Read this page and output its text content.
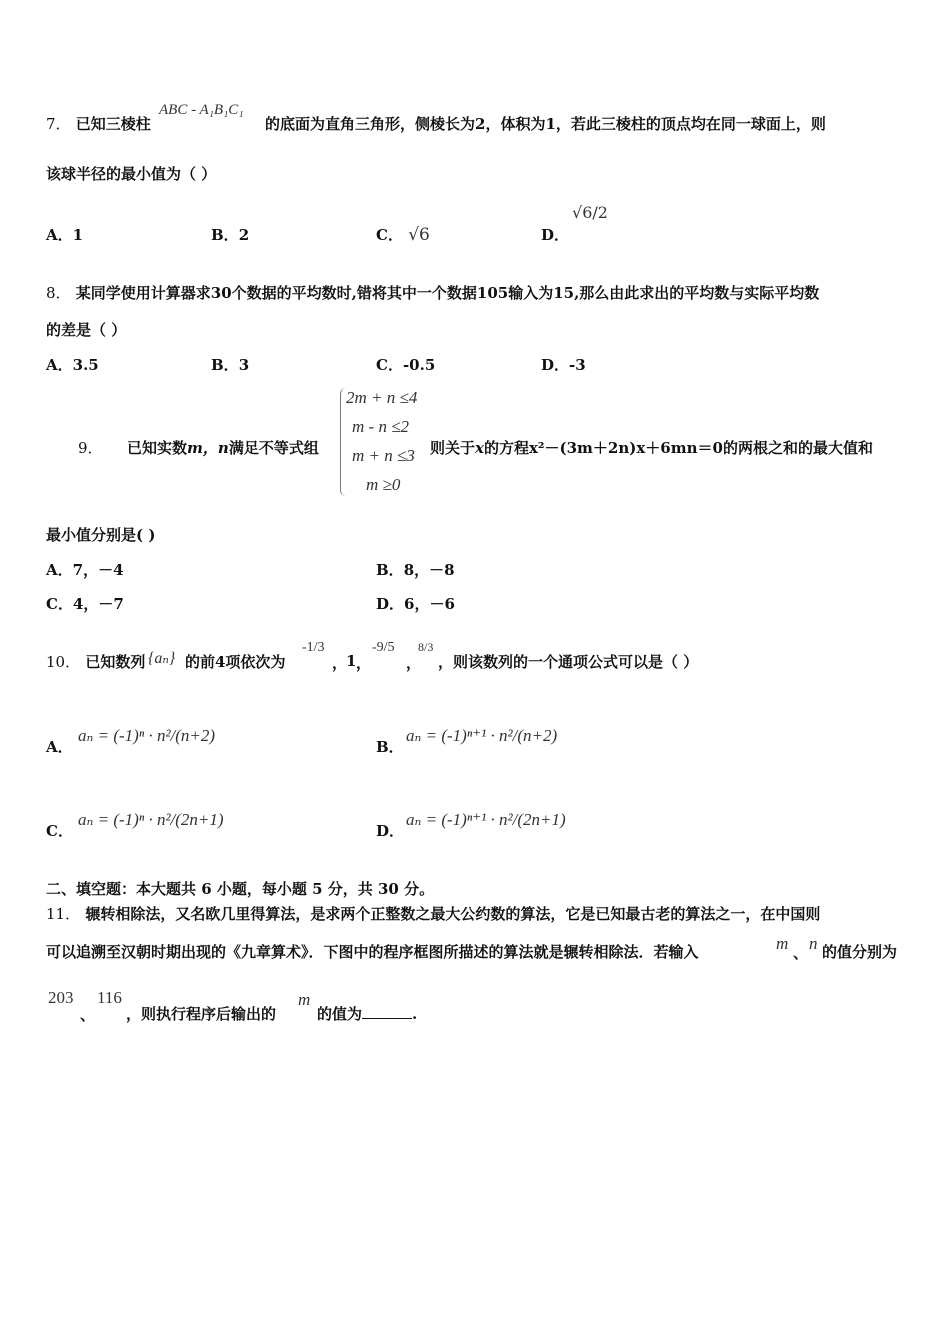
7． 已知三棱柱
ABC - A₁B₁C₁
的底面为直角三角形，侧棱长为2，体积为1，若此三棱柱的顶点均在同一球面上，则
该球半径的最小值为（ ）
A．1	B．2	C． √6	D．
√6/2
8． 某同学使用计算器求30个数据的平均数时,错将其中一个数据105输入为15,那么由此求出的平均数与实际平均数
的差是（ ）
A．3.5	B．3	C．-0.5	D．-3
9． 已知实数m，n满足不等式组
2m + n ≤4
m - n ≤2
m + n ≤3
m ≥0
则关于x的方程x²－(3m＋2n)x＋6mn＝0的两根之和的最大值和
最小值分别是( )
A．7，－4	B．8，－8
C．4，－7	D．6，－6
10． 已知数列 {aₙ} 的前4项依次为
-1/3
，
1 ，
-9/5
，
8/3
，则该数列的一个通项公式可以是（ ）
A．
aₙ = (-1)ⁿ · n²/(n+2)
B．
aₙ = (-1)ⁿ⁺¹ · n²/(n+2)
C．
aₙ = (-1)ⁿ · n²/(2n+1)
D．
aₙ = (-1)ⁿ⁺¹ · n²/(2n+1)
二、填空题：本大题共 6 小题，每小题 5 分，共 30 分。
11． 辗转相除法，又名欧几里得算法，是求两个正整数之最大公约数的算法，它是已知最古老的算法之一，在中国则
可以追溯至汉朝时期出现的《九章算术》．下图中的程序框图所描述的算法就是辗转相除法．若输入	m 、 n 的值分别为
203
、
116
，则执行程序后输出的
m
的值为	.
